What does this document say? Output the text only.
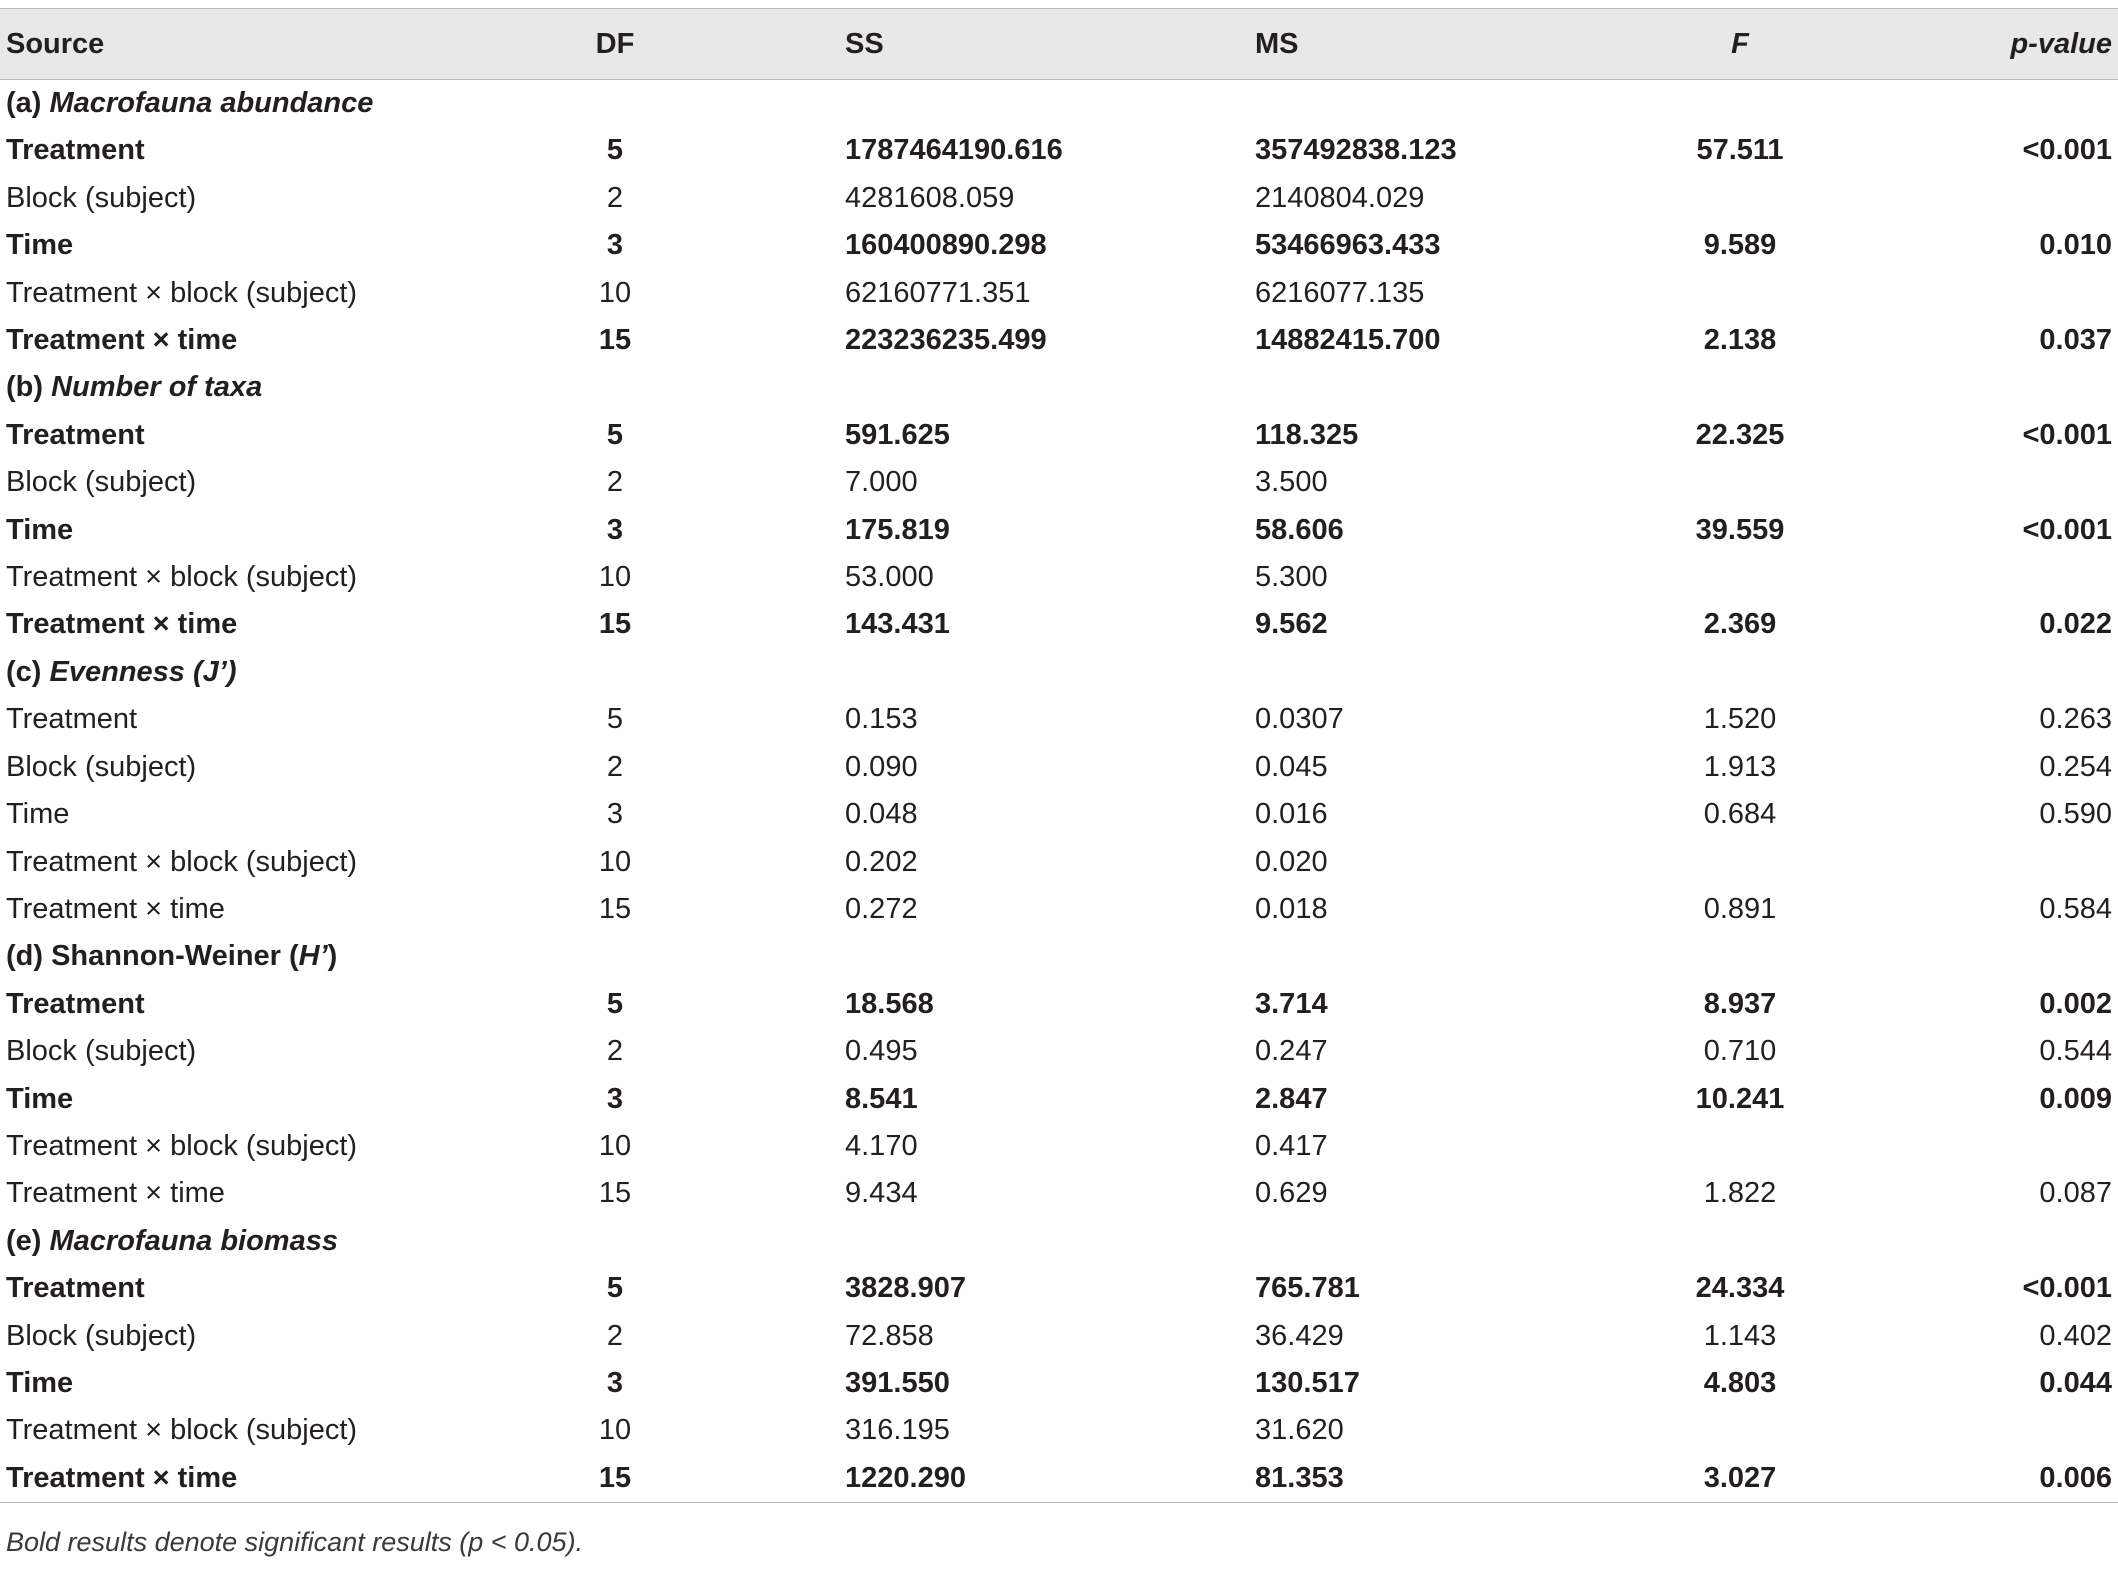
Source	DF	SS	MS	F	p-value
(a) Macrofauna abundance					
Treatment	5	1787464190.616	357492838.123	57.511	<0.001
Block (subject)	2	4281608.059	2140804.029		
Time	3	160400890.298	53466963.433	9.589	0.010
Treatment × block (subject)	10	62160771.351	6216077.135		
Treatment × time	15	223236235.499	14882415.700	2.138	0.037
(b) Number of taxa					
Treatment	5	591.625	118.325	22.325	<0.001
Block (subject)	2	7.000	3.500		
Time	3	175.819	58.606	39.559	<0.001
Treatment × block (subject)	10	53.000	5.300		
Treatment × time	15	143.431	9.562	2.369	0.022
(c) Evenness (J’)					
Treatment	5	0.153	0.0307	1.520	0.263
Block (subject)	2	0.090	0.045	1.913	0.254
Time	3	0.048	0.016	0.684	0.590
Treatment × block (subject)	10	0.202	0.020		
Treatment × time	15	0.272	0.018	0.891	0.584
(d) Shannon-Weiner (H’)					
Treatment	5	18.568	3.714	8.937	0.002
Block (subject)	2	0.495	0.247	0.710	0.544
Time	3	8.541	2.847	10.241	0.009
Treatment × block (subject)	10	4.170	0.417		
Treatment × time	15	9.434	0.629	1.822	0.087
(e) Macrofauna biomass					
Treatment	5	3828.907	765.781	24.334	<0.001
Block (subject)	2	72.858	36.429	1.143	0.402
Time	3	391.550	130.517	4.803	0.044
Treatment × block (subject)	10	316.195	31.620		
Treatment × time	15	1220.290	81.353	3.027	0.006
Bold results denote significant results (p < 0.05).
